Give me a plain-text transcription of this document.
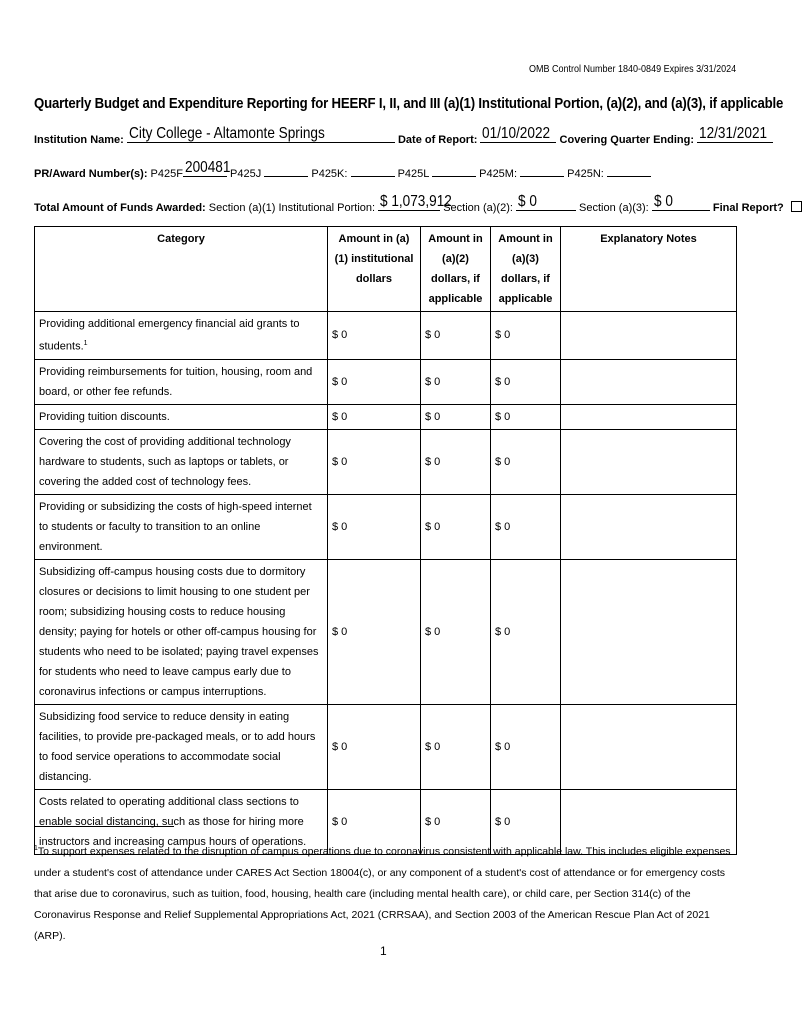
OMB Control Number 1840-0849 Expires 3/31/2024
Quarterly Budget and Expenditure Reporting for HEERF I, II, and III (a)(1) Institutional Portion, (a)(2), and (a)(3), if applicable
Institution Name: City College - Altamonte Springs	Date of Report: 01/10/2022 Covering Quarter Ending: 12/31/2021
PR/Award Number(s): P425F 200481 P425J	P425K:	P425L	P425M:	P425N:
Total Amount of Funds Awarded: Section (a)(1) Institutional Portion: $ 1,073,912
Section (a)(2): $ 0	Section (a)(3): $ 0	Final Report?
Category	Amount in (a)(1) institutional dollars	Amount in (a)(2) dollars, if applicable	Amount in (a)(3) dollars, if applicable	Explanatory Notes
Providing additional emergency financial aid grants to students.$^1$	$ 0	$ 0	$ 0	
Providing reimbursements for tuition, housing, room and board, or other fee refunds.	$ 0	$ 0	$ 0	
Providing tuition discounts.	$ 0	$ 0	$ 0	
Covering the cost of providing additional technology hardware to students, such as laptops or tablets, or covering the added cost of technology fees.	$ 0	$ 0	$ 0	
Providing or subsidizing the costs of high-speed internet to students or faculty to transition to an online environment.	$ 0	$ 0	$ 0	
Subsidizing off-campus housing costs due to dormitory closures or decisions to limit housing to one student per room; subsidizing housing costs to reduce housing density; paying for hotels or other off-campus housing for students who need to be isolated; paying travel expenses for students who need to leave campus early due to coronavirus infections or campus interruptions.	$ 0	$ 0	$ 0	
Subsidizing food service to reduce density in eating facilities, to provide pre-packaged meals, or to add hours to food service operations to accommodate social distancing.	$ 0	$ 0	$ 0	
Costs related to operating additional class sections to enable social distancing, such as those for hiring more instructors and increasing campus hours of operations.	$ 0	$ 0	$ 0	
$^1$To support expenses related to the disruption of campus operations due to coronavirus consistent with applicable law. This includes eligible expenses under a student's cost of attendance under CARES Act Section 18004(c), or any component of a student's cost of attendance or for emergency costs that arise due to coronavirus, such as tuition, food, housing, health care (including mental health care), or child care, per Section 314(c) of the Coronavirus Response and Relief Supplemental Appropriations Act, 2021 (CRRSAA), and Section 2003 of the American Rescue Plan Act of 2021 (ARP).
1
